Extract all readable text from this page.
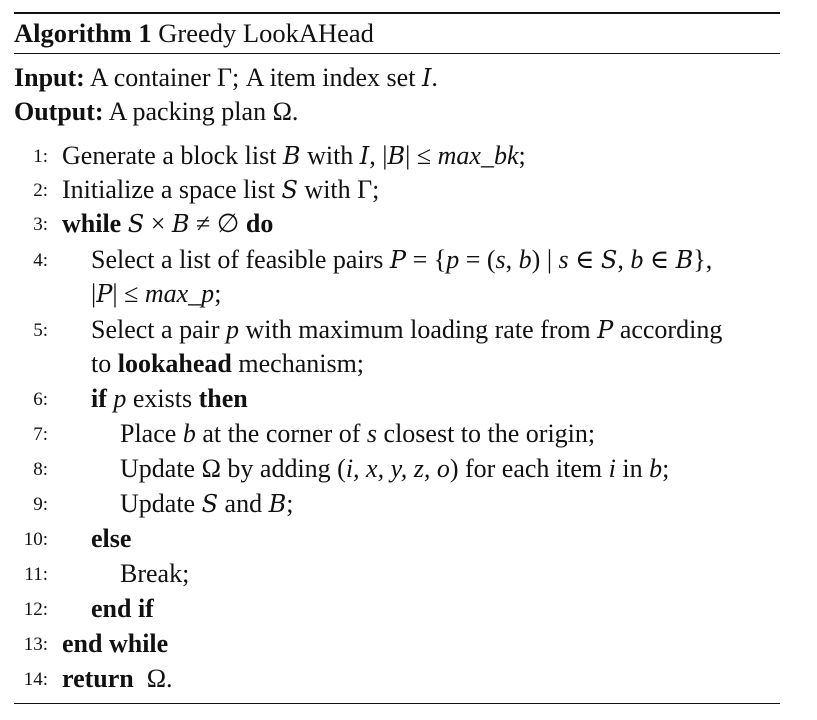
Algorithm 1 Greedy LookAHead
Input: A container Γ; A item index set I.
Output: A packing plan Ω.
1: Generate a block list B with I, |B| ≤ max_bk;
2: Initialize a space list S with Γ;
3: while S × B ≠ ∅ do
4: Select a list of feasible pairs P = {p = (s, b) | s ∈ S, b ∈ B},
|P| ≤ max_p;
5: Select a pair p with maximum loading rate from P according
to lookahead mechanism;
6: if p exists then
7:	Place b at the corner of s closest to the origin;
8:	Update Ω by adding (i, x, y, z, o) for each item i in b;
9:	Update S and B;
10: else
11:	Break;
12: end if
13: end while
14: return  Ω.
